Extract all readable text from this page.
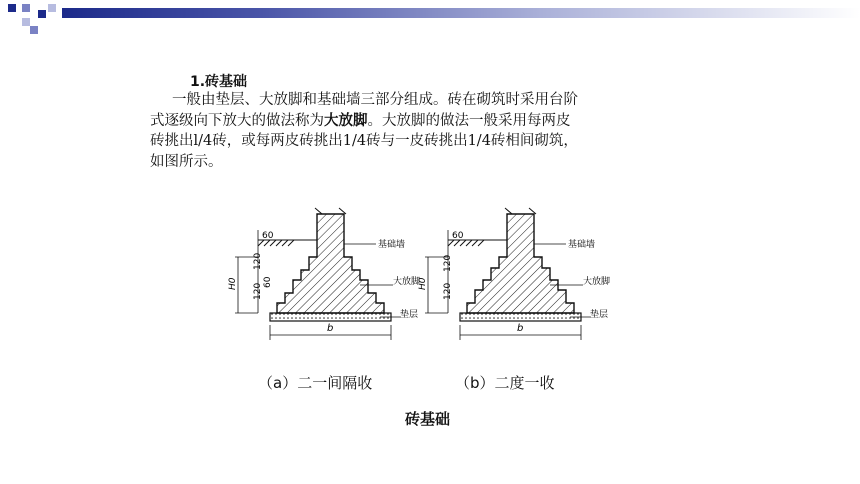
1.砖基础
一般由垫层、大放脚和基础墙三部分组成。砖在砌筑时采用台阶
式逐级向下放大的做法称为大放脚。大放脚的做法一般采用每两皮
砖挑出l/4砖，或每两皮砖挑出1/4砖与一皮砖挑出1/4砖相间砌筑，
如图所示。
60
120
60
120
H0
b
基础墙
大放脚
垫层
60
120
120
H0
b
基础墙
大放脚
垫层
（a）二一间隔收	（b）二度一收
砖基础
